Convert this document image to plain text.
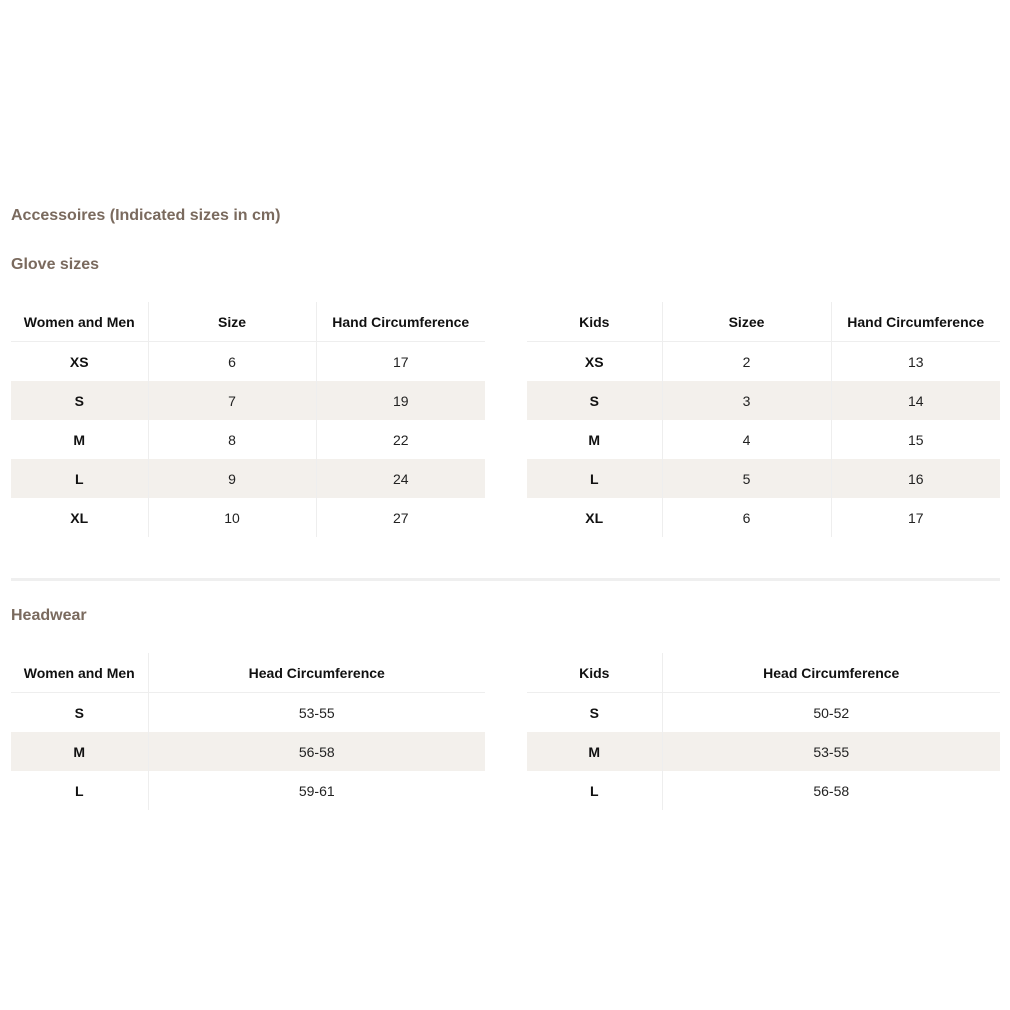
Accessoires (Indicated sizes in cm)
Glove sizes
Women and Men	Size	Hand Circumference
XS	6	17
S	7	19
M	8	22
L	9	24
XL	10	27
Kids	Sizee	Hand Circumference
XS	2	13
S	3	14
M	4	15
L	5	16
XL	6	17
Headwear
Women and Men	Head Circumference
S	53-55
M	56-58
L	59-61
Kids	Head Circumference
S	50-52
M	53-55
L	56-58
